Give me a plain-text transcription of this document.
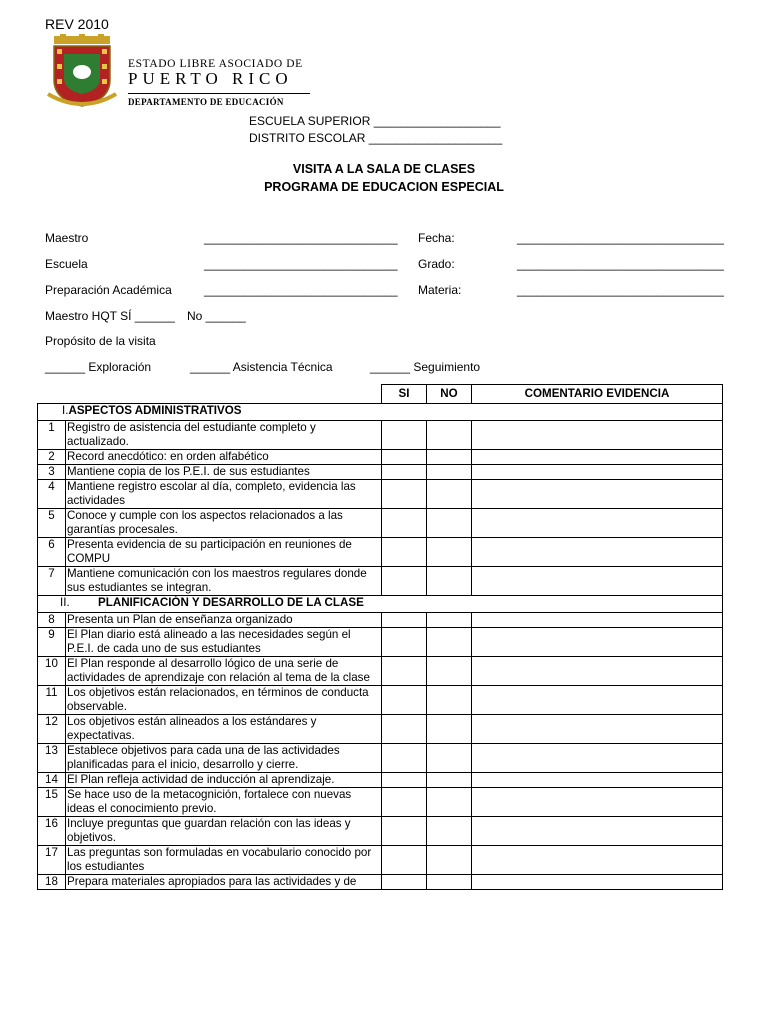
REV 2010
ESTADO LIBRE ASOCIADO DE
PUERTO RICO
DEPARTAMENTO DE EDUCACIÓN
ESCUELA SUPERIOR ___________________
DISTRITO ESCOLAR ____________________
VISITA A LA SALA DE CLASES
PROGRAMA DE EDUCACION ESPECIAL
Maestro	_____________________________ Fecha:	_______________________________
Escuela	_____________________________ Grado:	_______________________________
Preparación Académica	_____________________________ Materia:	_______________________________
Maestro HQT SÍ ______ No ______
Propósito de la visita
______ Exploración	______ Asistencia Técnica	______ Seguimiento
		SI	NO	COMENTARIO EVIDENCIA
I.ASPECTOS ADMINISTRATIVOS				
1	Registro de asistencia del estudiante completo y actualizado.			
2	Record anecdótico: en orden alfabético			
3	Mantiene copia de los P.E.I. de sus estudiantes			
4	Mantiene registro escolar al día, completo, evidencia las actividades			
5	Conoce y cumple con los aspectos relacionados a las garantías procesales.			
6	Presenta evidencia de su participación en reuniones de COMPU			
7	Mantiene comunicación con los maestros regulares donde sus estudiantes se integran.			
II. PLANIFICACIÓN Y DESARROLLO DE LA CLASE				
8	Presenta un Plan de enseñanza organizado			
9	El Plan diario está alineado a las necesidades según el P.E.I. de cada uno de sus estudiantes			
10	El Plan responde al desarrollo lógico de una serie de actividades de aprendizaje con relación al tema de la clase			
11	Los objetivos están relacionados, en términos de conducta observable.			
12	Los objetivos están alineados a los estándares y expectativas.			
13	Establece objetivos para cada una de las actividades planificadas para el inicio, desarrollo y cierre.			
14	El Plan refleja actividad de inducción al aprendizaje.			
15	Se hace uso de la metacognición, fortalece con nuevas ideas el conocimiento previo.			
16	Incluye preguntas que guardan relación con las ideas y objetivos.			
17	Las preguntas son formuladas en vocabulario conocido por los estudiantes			
18	Prepara materiales apropiados para las actividades y de			
